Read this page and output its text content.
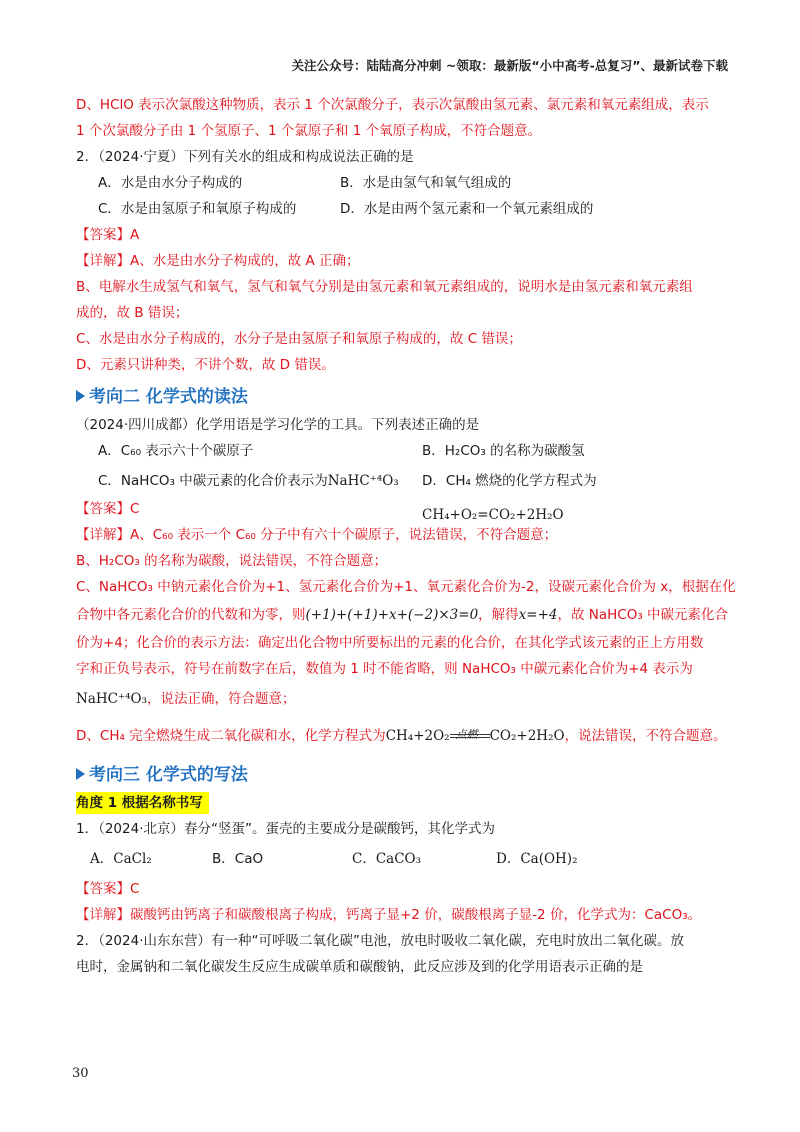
关注公众号：陆陆高分冲刺 ~领取：最新版“小中高考-总复习”、最新试卷下载
D、HClO 表示次氯酸这种物质，表示 1 个次氯酸分子，表示次氯酸由氢元素、氯元素和氧元素组成，表示
1 个次氯酸分子由 1 个氢原子、1 个氯原子和 1 个氧原子构成，不符合题意。
2．（2024·宁夏）下列有关水的组成和构成说法正确的是
A．水是由水分子构成的	B．水是由氢气和氧气组成的
C．水是由氢原子和氧原子构成的	D．水是由两个氢元素和一个氧元素组成的
【答案】A
【详解】A、水是由水分子构成的，故 A 正确；
B、电解水生成氢气和氧气，氢气和氧气分别是由氢元素和氧元素组成的，说明水是由氢元素和氧元素组
成的，故 B 错误；
C、水是由水分子构成的，水分子是由氢原子和氧原子构成的，故 C 错误；
D、元素只讲种类，不讲个数，故 D 错误。
考向二 化学式的读法
（2024·四川成都）化学用语是学习化学的工具。下列表述正确的是
A．C₆₀ 表示六十个碳原子	B．H₂CO₃ 的名称为碳酸氢
C．NaHCO₃ 中碳元素的化合价表示为NaHC⁺⁴O₃ D．CH₄ 燃烧的化学方程式为CH₄+O₂=CO₂+2H₂O
【答案】C
【详解】A、C₆₀ 表示一个 C₆₀ 分子中有六十个碳原子，说法错误，不符合题意；
B、H₂CO₃ 的名称为碳酸，说法错误，不符合题意；
C、NaHCO₃ 中钠元素化合价为+1、氢元素化合价为+1、氧元素化合价为-2，设碳元素化合价为 x，根据在化
合物中各元素化合价的代数和为零，则(+1)+(+1)+x+(−2)×3=0，解得x=+4，故 NaHCO₃ 中碳元素化合
价为+4；化合价的表示方法：确定出化合物中所要标出的元素的化合价，在其化学式该元素的正上方用数
字和正负号表示，符号在前数字在后，数值为 1 时不能省略，则 NaHCO₃ 中碳元素化合价为+4 表示为
NaHC⁺⁴O₃，说法正确，符合题意；
D、CH₄ 完全燃烧生成二氧化碳和水，化学方程式为CH₄+2O₂ 点燃 CO₂+2H₂O，说法错误，不符合题意。
考向三 化学式的写法
角度 1 根据名称书写
1．（2024·北京）春分“竖蛋”。蛋壳的主要成分是碳酸钙，其化学式为
A．CaCl₂	B．CaO	C．CaCO₃	D．Ca(OH)₂
【答案】C
【详解】碳酸钙由钙离子和碳酸根离子构成，钙离子显+2 价，碳酸根离子显-2 价，化学式为：CaCO₃。
2．（2024·山东东营）有一种“可呼吸二氧化碳”电池，放电时吸收二氧化碳，充电时放出二氧化碳。放
电时，金属钠和二氧化碳发生反应生成碳单质和碳酸钠，此反应涉及到的化学用语表示正确的是
30
